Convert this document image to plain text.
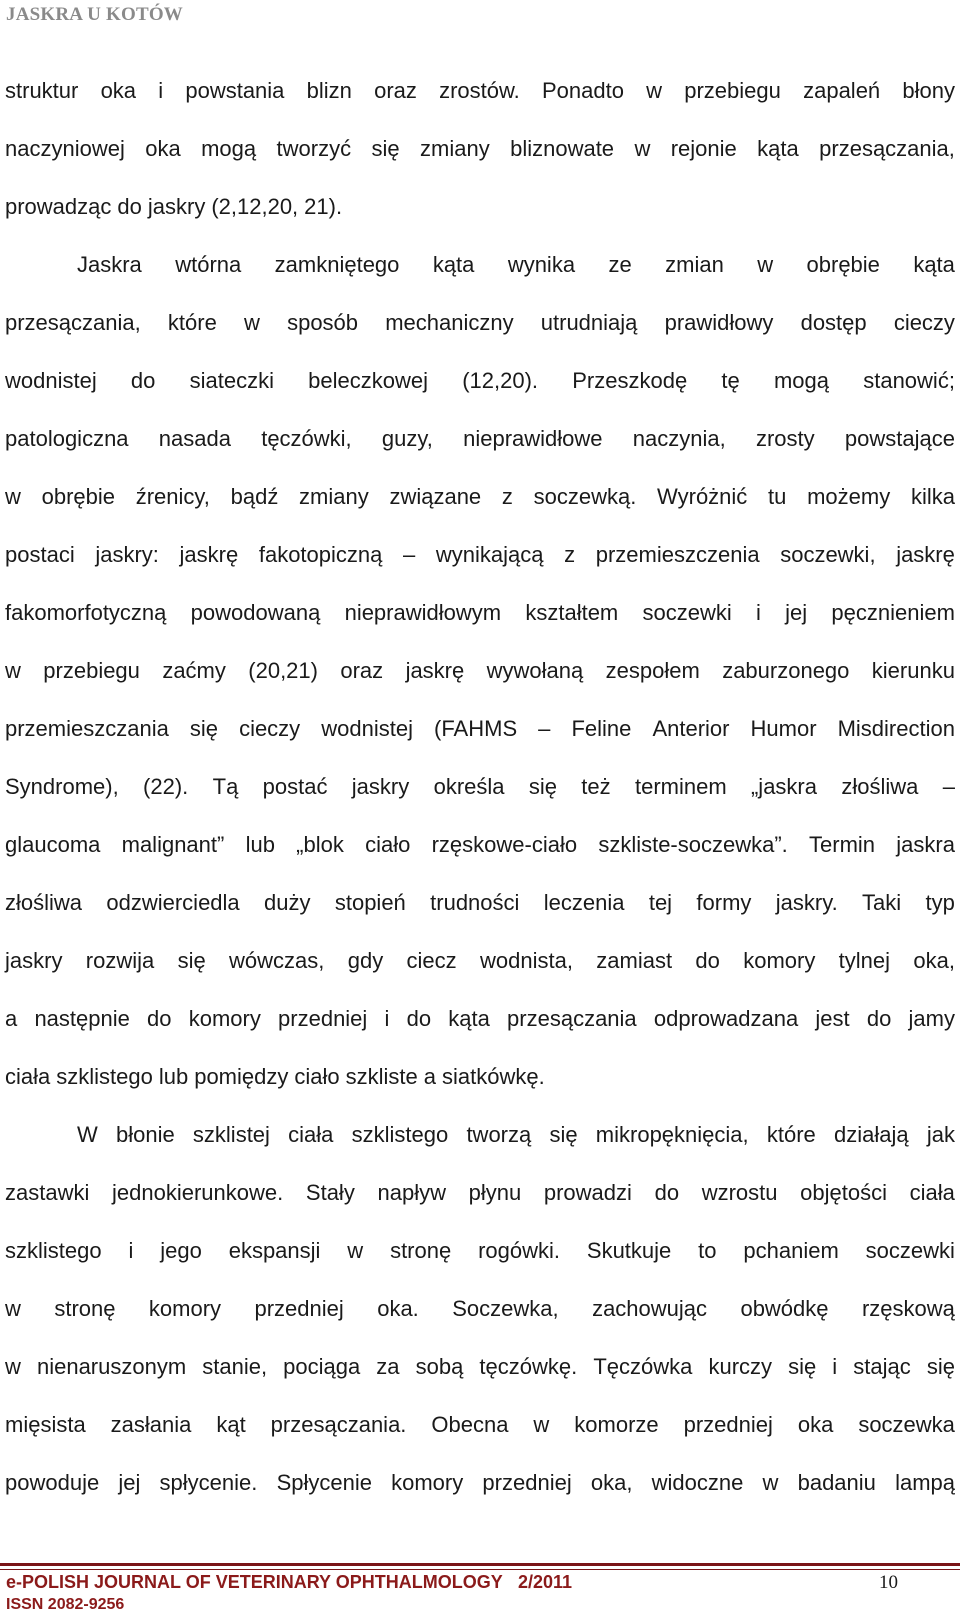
JASKRA U KOTÓW
struktur oka i powstania blizn oraz zrostów. Ponadto w przebiegu zapaleń błony
naczyniowej oka mogą tworzyć się zmiany bliznowate w rejonie kąta przesączania,
prowadząc do jaskry (2,12,20, 21).
Jaskra wtórna zamkniętego kąta wynika ze zmian w obrębie kąta
przesączania, które w sposób mechaniczny utrudniają prawidłowy dostęp cieczy
wodnistej do siateczki beleczkowej (12,20). Przeszkodę tę mogą stanowić;
patologiczna nasada tęczówki, guzy, nieprawidłowe naczynia, zrosty powstające
w obrębie źrenicy, bądź zmiany związane z soczewką. Wyróżnić tu możemy kilka
postaci jaskry: jaskrę fakotopiczną – wynikającą z przemieszczenia soczewki, jaskrę
fakomorfotyczną powodowaną nieprawidłowym kształtem soczewki i jej pęcznieniem
w przebiegu zaćmy (20,21) oraz jaskrę wywołaną zespołem zaburzonego kierunku
przemieszczania się cieczy wodnistej (FAHMS – Feline Anterior Humor Misdirection
Syndrome), (22). Tą postać jaskry określa się też terminem „jaskra złośliwa –
glaucoma malignant” lub „blok ciało rzęskowe-ciało szkliste-soczewka”. Termin jaskra
złośliwa odzwierciedla duży stopień trudności leczenia tej formy jaskry. Taki typ
jaskry rozwija się wówczas, gdy ciecz wodnista, zamiast do komory tylnej oka,
a następnie do komory przedniej i do kąta przesączania odprowadzana jest do jamy
ciała szklistego lub pomiędzy ciało szkliste a siatkówkę.
W błonie szklistej ciała szklistego tworzą się mikropęknięcia, które działają jak
zastawki jednokierunkowe. Stały napływ płynu prowadzi do wzrostu objętości ciała
szklistego i jego ekspansji w stronę rogówki. Skutkuje to pchaniem soczewki
w stronę komory przedniej oka. Soczewka, zachowując obwódkę rzęskową
w nienaruszonym stanie, pociąga za sobą tęczówkę. Tęczówka kurczy się i stając się
mięsista zasłania kąt przesączania. Obecna w komorze przedniej oka soczewka
powoduje jej spłycenie. Spłycenie komory przedniej oka, widoczne w badaniu lampą
e-POLISH JOURNAL OF VETERINARY OPHTHALMOLOGY 2/2011	10
ISSN 2082-9256
